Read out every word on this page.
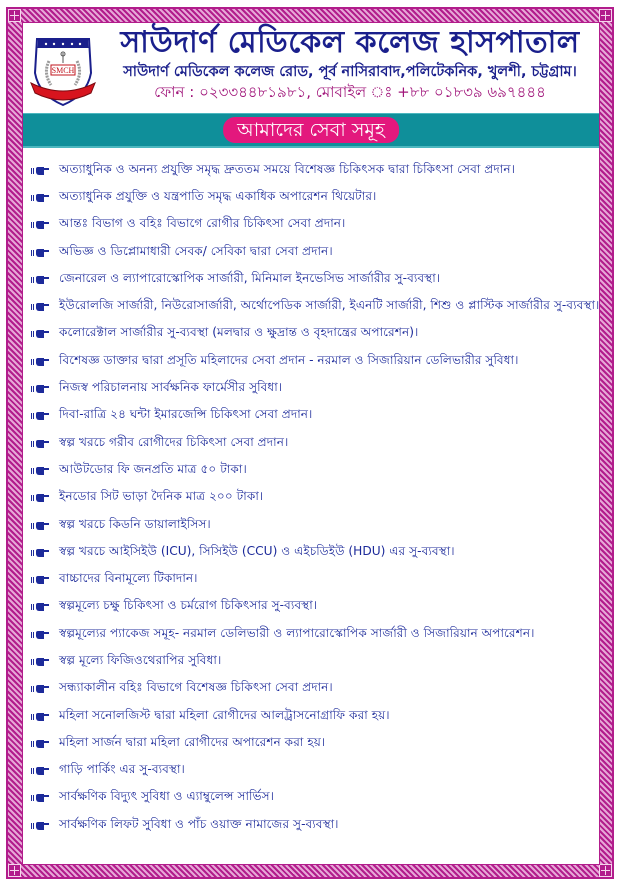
SMCH
সাউদার্ণ মেডিকেল কলেজ হাসপাতাল
সাউদার্ণ মেডিকেল কলেজ রোড, পূর্ব নাসিরাবাদ,পলিটেকনিক, খুলশী, চট্টগ্রাম।
ফোন : ০২৩৩৪৪৮১৯৮১, মোবাইল ঃ +৮৮ ০১৮৩৯ ৬৯৭৪৪৪
আমাদের সেবা সমূহ
অত্যাধুনিক ও অনন্য প্রযুক্তি সমৃদ্ধ দ্রুততম সময়ে বিশেষজ্ঞ চিকিৎসক দ্বারা চিকিৎসা সেবা প্রদান।
অত্যাধুনিক প্রযুক্তি ও যন্ত্রপাতি সমৃদ্ধ একাধিক অপারেশন থিয়েটার।
আন্তঃ বিভাগ ও বহিঃ বিভাগে রোগীর চিকিৎসা সেবা প্রদান।
অভিজ্ঞ ও ডিপ্লোমাধারী সেবক/ সেবিকা দ্বারা সেবা প্রদান।
জেনারেল ও ল্যাপারোস্কোপিক সার্জারী, মিনিমাল ইনভেসিভ সার্জারীর সু-ব্যবস্থা।
ইউরোলজি সার্জারী, নিউরোসার্জারী, অর্থোপেডিক সার্জারী, ইএনটি সার্জারী, শিশু ও প্লাস্টিক সার্জারীর সু-ব্যবস্থা।
কলোরেক্টাল সার্জারীর সু-ব্যবস্থা (মলদ্বার ও ক্ষুদ্রান্ত ও বৃহদান্ত্রের অপারেশন)।
বিশেষজ্ঞ ডাক্তার দ্বারা প্রসূতি মহিলাদের সেবা প্রদান - নরমাল ও সিজারিয়ান ডেলিভারীর সুবিধা।
নিজস্ব পরিচালনায় সার্বক্ষনিক ফার্মেসীর সুবিধা।
দিবা-রাত্রি ২৪ ঘন্টা ইমারজেন্সি চিকিৎসা সেবা প্রদান।
স্বল্প খরচে গরীব রোগীদের চিকিৎসা সেবা প্রদান।
আউটডোর ফি জনপ্রতি মাত্র ৫০ টাকা।
ইনডোর সিট ভাড়া দৈনিক মাত্র ২০০ টাকা।
স্বল্প খরচে কিডনি ডায়ালাইসিস।
স্বল্প খরচে আইসিইউ (ICU), সিসিইউ (CCU) ও এইচডিইউ (HDU) এর সু-ব্যবস্থা।
বাচ্চাদের বিনামূল্যে টিকাদান।
স্বল্পমূল্যে চক্ষু চিকিৎসা ও চর্মরোগ চিকিৎসার সু-ব্যবস্থা।
স্বল্পমূল্যের প্যাকেজ সমূহ- নরমাল ডেলিভারী ও ল্যাপারোস্কোপিক সার্জারী ও সিজারিয়ান অপারেশন।
স্বল্প মূল্যে ফিজিওথেরাপির সুবিধা।
সন্ধ্যাকালীন বহিঃ বিভাগে বিশেষজ্ঞ চিকিৎসা সেবা প্রদান।
মহিলা সনোলজিস্ট দ্বারা মহিলা রোগীদের আলট্রাসনোগ্রাফি করা হয়।
মহিলা সার্জন দ্বারা মহিলা রোগীদের অপারেশন করা হয়।
গাড়ি পার্কিং এর সু-ব্যবস্থা।
সার্বক্ষণিক বিদ্যুৎ সুবিধা ও এ্যাম্বুলেন্স সার্ভিস।
সার্বক্ষণিক লিফট সুবিধা ও পাঁচ ওয়াক্ত নামাজের সু-ব্যবস্থা।
